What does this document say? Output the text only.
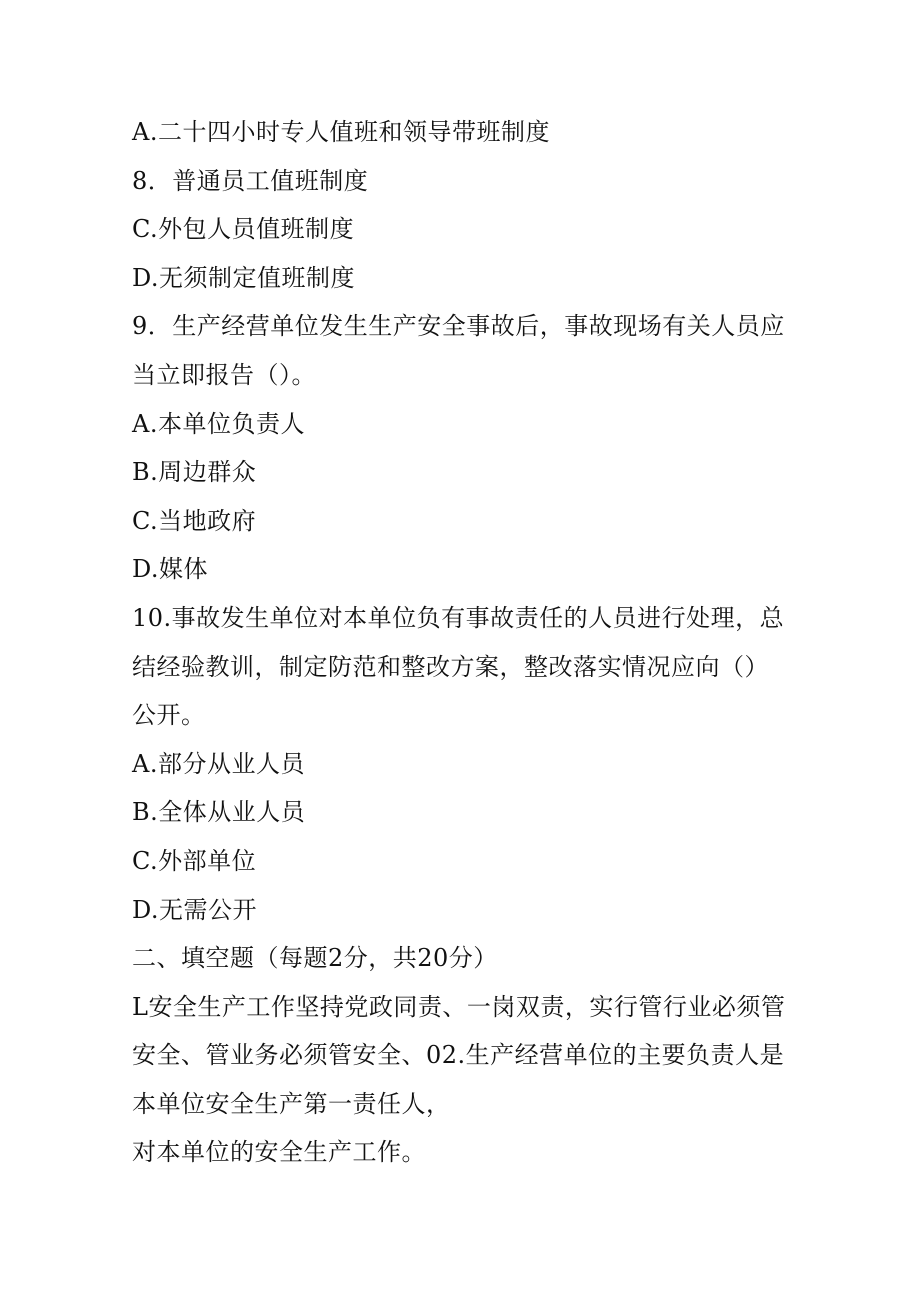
A.二十四小时专人值班和领导带班制度
8．普通员工值班制度
C.外包人员值班制度
D.无须制定值班制度
9．生产经营单位发生生产安全事故后，事故现场有关人员应
当立即报告（）。
A.本单位负责人
B.周边群众
C.当地政府
D.媒体
10.事故发生单位对本单位负有事故责任的人员进行处理，总
结经验教训，制定防范和整改方案，整改落实情况应向（）
公开。
A.部分从业人员
B.全体从业人员
C.外部单位
D.无需公开
二、填空题（每题2分，共20分）
L安全生产工作坚持党政同责、一岗双责，实行管行业必须管
安全、管业务必须管安全、02.生产经营单位的主要负责人是
本单位安全生产第一责任人，
对本单位的安全生产工作。
